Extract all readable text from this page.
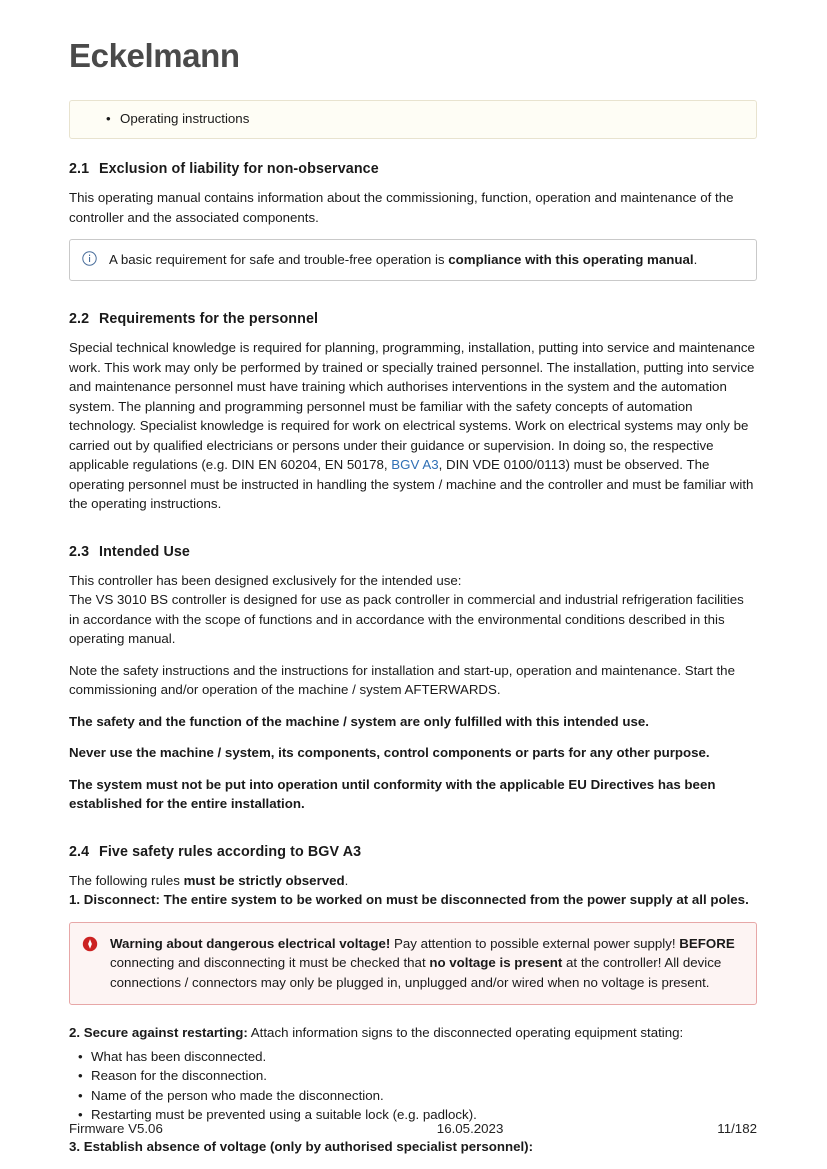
Eckelmann
• Operating instructions
2.1 Exclusion of liability for non-observance

This operating manual contains information about the commissioning, function, operation and maintenance of the controller and the associated components.

A basic requirement for safe and trouble-free operation is compliance with this operating manual.
2.2 Requirements for the personnel

Special technical knowledge is required for planning, programming, installation, putting into service and maintenance work. This work may only be performed by trained or specially trained personnel. The installation, putting into service and maintenance personnel must have training which authorises interventions in the system and the automation system. The planning and programming personnel must be familiar with the safety concepts of automation technology. Specialist knowledge is required for work on electrical systems. Work on electrical systems may only be carried out by qualified electricians or persons under their guidance or supervision. In doing so, the respective applicable regulations (e.g. DIN EN 60204, EN 50178, BGV A3, DIN VDE 0100/0113) must be observed. The operating personnel must be instructed in handling the system / machine and the controller and must be familiar with the operating instructions.

2.3 Intended Use

This controller has been designed exclusively for the intended use:

The VS 3010 BS controller is designed for use as pack controller in commercial and industrial refrigeration facilities in accordance with the scope of functions and in accordance with the environmental conditions described in this operating manual.

Note the safety instructions and the instructions for installation and start-up, operation and maintenance. Start the commissioning and/or operation of the machine / system AFTERWARDS.

The safety and the function of the machine / system are only fulfilled with this intended use.

Never use the machine / system, its components, control components or parts for any other purpose.

The system must not be put into operation until conformity with the applicable EU Directives has been established for the entire installation.

2.4 Five safety rules according to BGV A3

The following rules must be strictly observed.

1. Disconnect: The entire system to be worked on must be disconnected from the power supply at all poles.

Warning about dangerous electrical voltage! Pay attention to possible external power supply! BEFORE connecting and disconnecting it must be checked that no voltage is present at the controller! All device connections / connectors may only be plugged in, unplugged and/or wired when no voltage is present.

2. Secure against restarting: Attach information signs to the disconnected operating equipment stating:

• What has been disconnected.
• Reason for the disconnection.
• Name of the person who made the disconnection.
• Restarting must be prevented using a suitable lock (e.g. padlock).

3. Establish absence of voltage (only by authorised specialist personnel):

Firmware V5.06	16.05.2023	11/182
